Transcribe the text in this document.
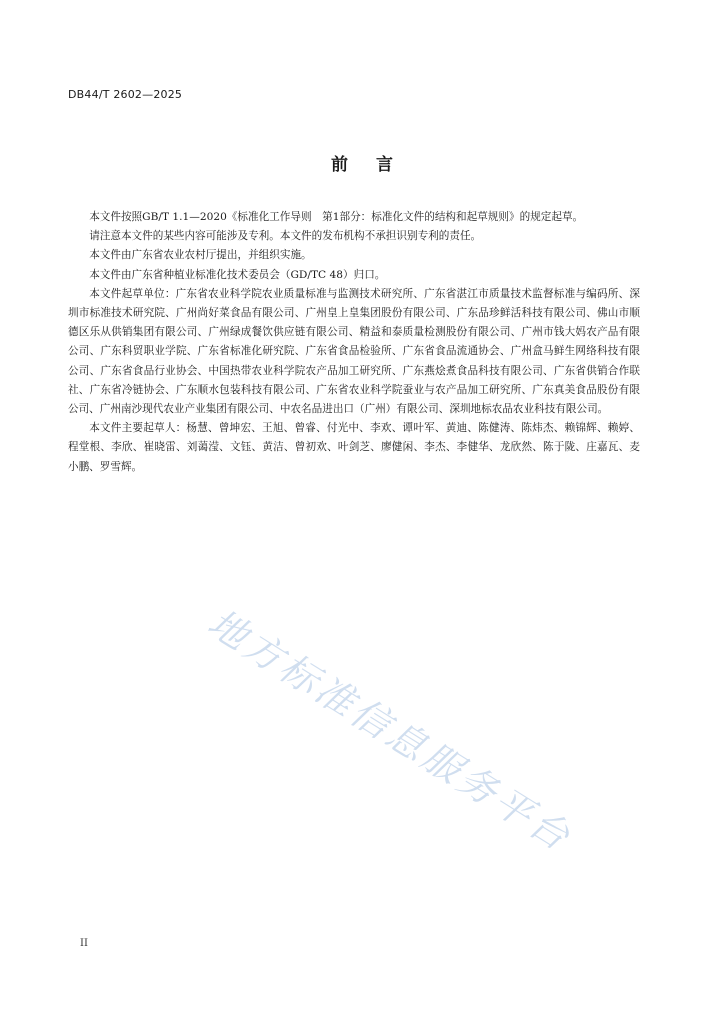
DB44/T 2602—2025
前言

本文件按照GB/T 1.1—2020《标准化工作导则　第1部分：标准化文件的结构和起草规则》的规定起草。

请注意本文件的某些内容可能涉及专利。本文件的发布机构不承担识别专利的责任。

本文件由广东省农业农村厅提出，并组织实施。

本文件由广东省种植业标准化技术委员会（GD/TC 48）归口。

本文件起草单位：广东省农业科学院农业质量标准与监测技术研究所、广东省湛江市质量技术监督标准与编码所、深圳市标准技术研究院、广州尚好菜食品有限公司、广州皇上皇集团股份有限公司、广东品珍鲜活科技有限公司、佛山市顺德区乐从供销集团有限公司、广州绿成餐饮供应链有限公司、精益和泰质量检测股份有限公司、广州市钱大妈农产品有限公司、广东科贸职业学院、广东省标准化研究院、广东省食品检验所、广东省食品流通协会、广州盒马鲜生网络科技有限公司、广东省食品行业协会、中国热带农业科学院农产品加工研究所、广东燕烩煮食品科技有限公司、广东省供销合作联社、广东省冷链协会、广东顺水包装科技有限公司、广东省农业科学院蚕业与农产品加工研究所、广东真美食品股份有限公司、广州南沙现代农业产业集团有限公司、中农名品进出口（广州）有限公司、深圳地标农品农业科技有限公司。

本文件主要起草人：杨慧、曾坤宏、王旭、曾睿、付光中、李欢、谭叶军、黄迪、陈健涛、陈炜杰、赖锦辉、赖婷、程堂根、李欣、崔晓雷、刘蔼滢、文钰、黄洁、曾初欢、叶剑芝、廖健闲、李杰、李健华、龙欣然、陈于陇、庄嘉瓦、麦小鹏、罗雪辉。

地方标准信息服务平台
II
